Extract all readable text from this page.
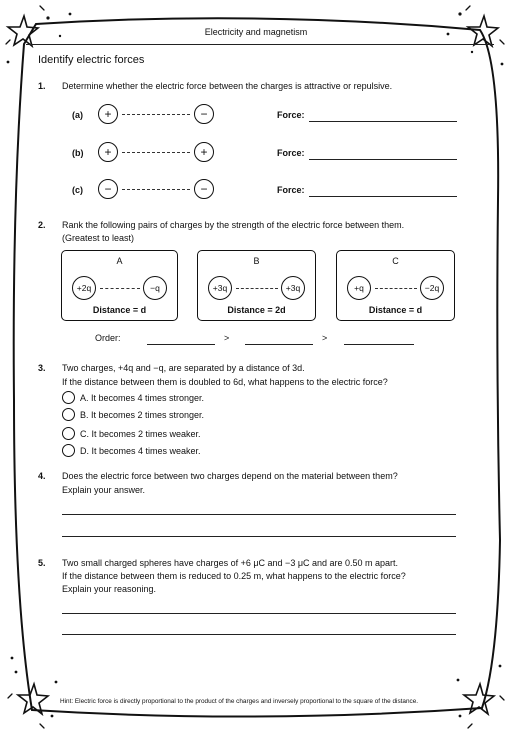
Electricity and magnetism
Identify electric forces
1. Determine whether the electric force between the charges is attractive or repulsive.
(a)	+	−	Force:
(b)	+	+	Force:
(c)	−	−	Force:
2. Rank the following pairs of charges by the strength of the electric force between them.
(Greatest to least)
A
+2q	−q
Distance = d
B
+3q	+3q
Distance = 2d
C
+q	−2q
Distance = d
Order:	>	>
3. Two charges, +4q and −q, are separated by a distance of 3d.
If the distance between them is doubled to 6d, what happens to the electric force?
A. It becomes 4 times stronger.
B. It becomes 2 times stronger.
C. It becomes 2 times weaker.
D. It becomes 4 times weaker.
4. Does the electric force between two charges depend on the material between them?
Explain your answer.
5. Two small charged spheres have charges of +6 μC and −3 μC and are 0.50 m apart.
If the distance between them is reduced to 0.25 m, what happens to the electric force?
Explain your reasoning.
Hint: Electric force is directly proportional to the product of the charges and inversely proportional to the square of the distance.
